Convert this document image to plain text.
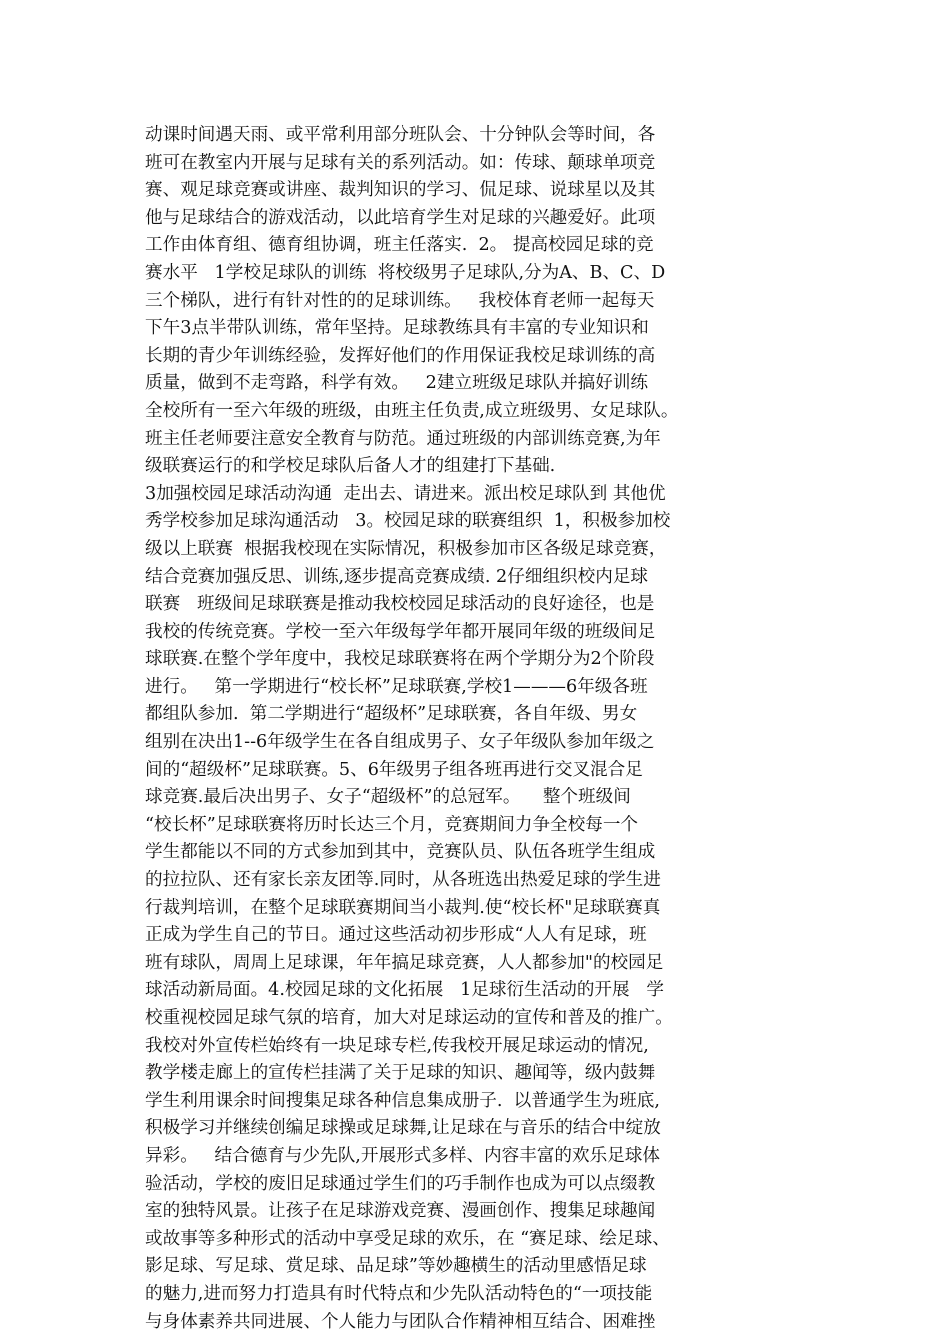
动课时间遇天雨、或平常利用部分班队会、十分钟队会等时间，各
班可在教室内开展与足球有关的系列活动。如：传球、颠球单项竞
赛、观足球竞赛或讲座、裁判知识的学习、侃足球、说球星以及其
他与足球结合的游戏活动，以此培育学生对足球的兴趣爱好。此项
工作由体育组、德育组协调，班主任落实.  2。 提高校园足球的竞
赛水平   1学校足球队的训练  将校级男子足球队,分为A、B、C、D
三个梯队，进行有针对性的的足球训练。   我校体育老师一起每天
下午3点半带队训练，常年坚持。足球教练具有丰富的专业知识和
长期的青少年训练经验，发挥好他们的作用保证我校足球训练的高
质量，做到不走弯路，科学有效。   2建立班级足球队并搞好训练
全校所有一至六年级的班级，由班主任负责,成立班级男、女足球队。
班主任老师要注意安全教育与防范。通过班级的内部训练竞赛,为年
级联赛运行的和学校足球队后备人才的组建打下基础.
3加强校园足球活动沟通  走出去、请进来。派出校足球队到 其他优
秀学校参加足球沟通活动   3。校园足球的联赛组织  1，积极参加校
级以上联赛  根据我校现在实际情况，积极参加市区各级足球竞赛，
结合竞赛加强反思、训练,逐步提高竞赛成绩. 2仔细组织校内足球
联赛   班级间足球联赛是推动我校校园足球活动的良好途径，也是
我校的传统竞赛。学校一至六年级每学年都开展同年级的班级间足
球联赛.在整个学年度中，我校足球联赛将在两个学期分为2个阶段
进行。   第一学期进行“校长杯”足球联赛,学校1———6年级各班
都组队参加.  第二学期进行“超级杯”足球联赛，各自年级、男女
组别在决出1--6年级学生在各自组成男子、女子年级队参加年级之
间的“超级杯”足球联赛。5、6年级男子组各班再进行交叉混合足
球竞赛.最后决出男子、女子“超级杯”的总冠军。    整个班级间
“校长杯”足球联赛将历时长达三个月，竞赛期间力争全校每一个
学生都能以不同的方式参加到其中，竞赛队员、队伍各班学生组成
的拉拉队、还有家长亲友团等.同时，从各班选出热爱足球的学生进
行裁判培训，在整个足球联赛期间当小裁判.使“校长杯"足球联赛真
正成为学生自己的节日。通过这些活动初步形成“人人有足球，班
班有球队，周周上足球课，年年搞足球竞赛，人人都参加"的校园足
球活动新局面。4.校园足球的文化拓展   1足球衍生活动的开展   学
校重视校园足球气氛的培育，加大对足球运动的宣传和普及的推广。
我校对外宣传栏始终有一块足球专栏,传我校开展足球运动的情况,
教学楼走廊上的宣传栏挂满了关于足球的知识、趣闻等，级内鼓舞
学生利用课余时间搜集足球各种信息集成册子.  以普通学生为班底,
积极学习并继续创编足球操或足球舞,让足球在与音乐的结合中绽放
异彩。   结合德育与少先队,开展形式多样、内容丰富的欢乐足球体
验活动，学校的废旧足球通过学生们的巧手制作也成为可以点缀教
室的独特风景。让孩子在足球游戏竞赛、漫画创作、搜集足球趣闻
或故事等多种形式的活动中享受足球的欢乐，在 “赛足球、绘足球、
影足球、写足球、赏足球、品足球”等妙趣横生的活动里感悟足球
的魅力,进而努力打造具有时代特点和少先队活动特色的“一项技能
与身体素养共同进展、个人能力与团队合作精神相互结合、困难挫
